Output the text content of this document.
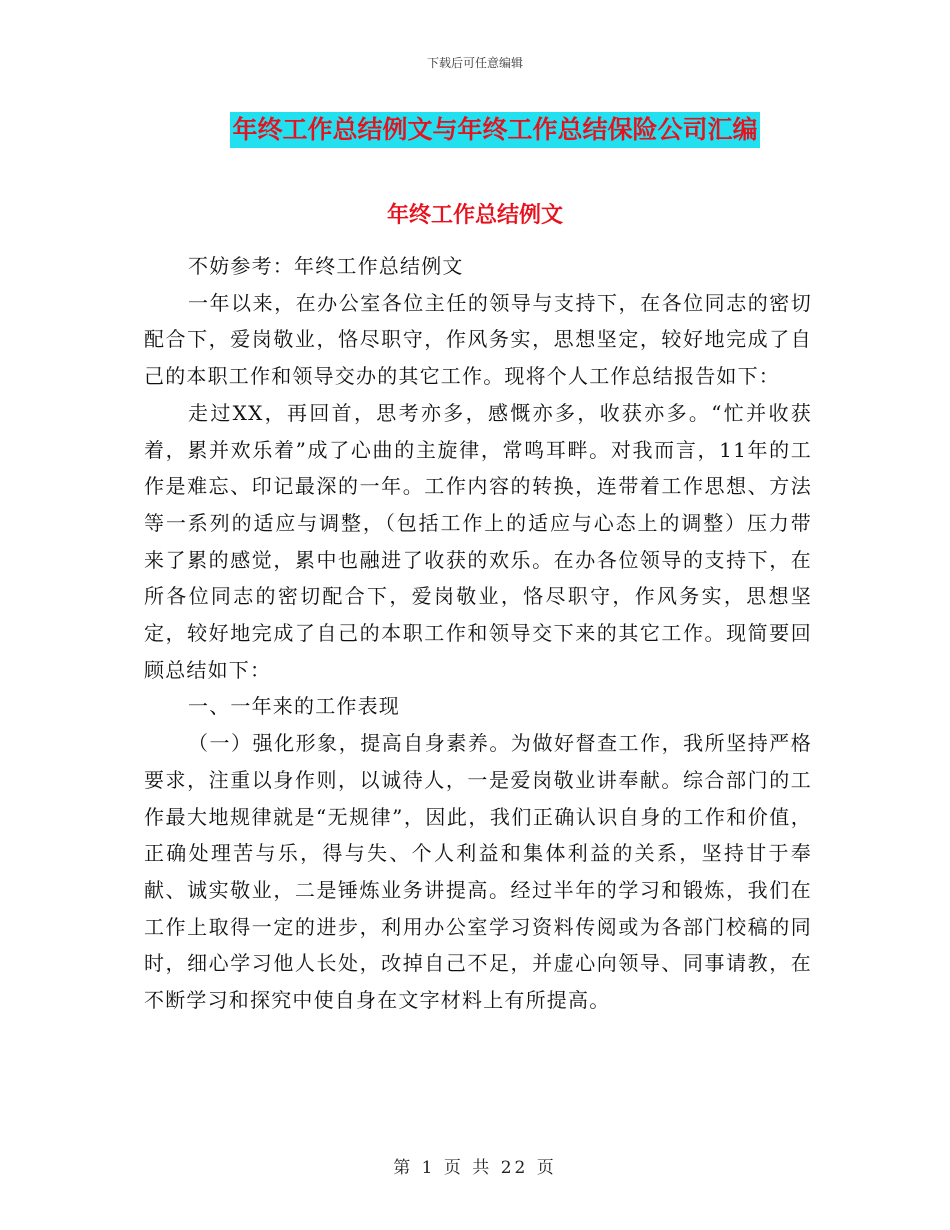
下载后可任意编辑
年终工作总结例文与年终工作总结保险公司汇编
年终工作总结例文

不妨参考：年终工作总结例文

一年以来，在办公室各位主任的领导与支持下，在各位同志的密切配合下，爱岗敬业，恪尽职守，作风务实，思想坚定，较好地完成了自己的本职工作和领导交办的其它工作。现将个人工作总结报告如下：

走过XX，再回首，思考亦多，感慨亦多，收获亦多。“忙并收获着，累并欢乐着”成了心曲的主旋律，常鸣耳畔。对我而言，11年的工作是难忘、印记最深的一年。工作内容的转换，连带着工作思想、方法等一系列的适应与调整，（包括工作上的适应与心态上的调整）压力带来了累的感觉，累中也融进了收获的欢乐。在办各位领导的支持下，在所各位同志的密切配合下，爱岗敬业，恪尽职守，作风务实，思想坚定，较好地完成了自己的本职工作和领导交下来的其它工作。现简要回顾总结如下：

一、一年来的工作表现

（一）强化形象，提高自身素养。为做好督查工作，我所坚持严格要求，注重以身作则，以诚待人，一是爱岗敬业讲奉献。综合部门的工作最大地规律就是“无规律”，因此，我们正确认识自身的工作和价值，正确处理苦与乐，得与失、个人利益和集体利益的关系，坚持甘于奉献、诚实敬业，二是锤炼业务讲提高。经过半年的学习和锻炼，我们在工作上取得一定的进步，利用办公室学习资料传阅或为各部门校稿的同时，细心学习他人长处，改掉自己不足，并虚心向领导、同事请教，在不断学习和探究中使自身在文字材料上有所提高。

第 1 页 共 22 页
